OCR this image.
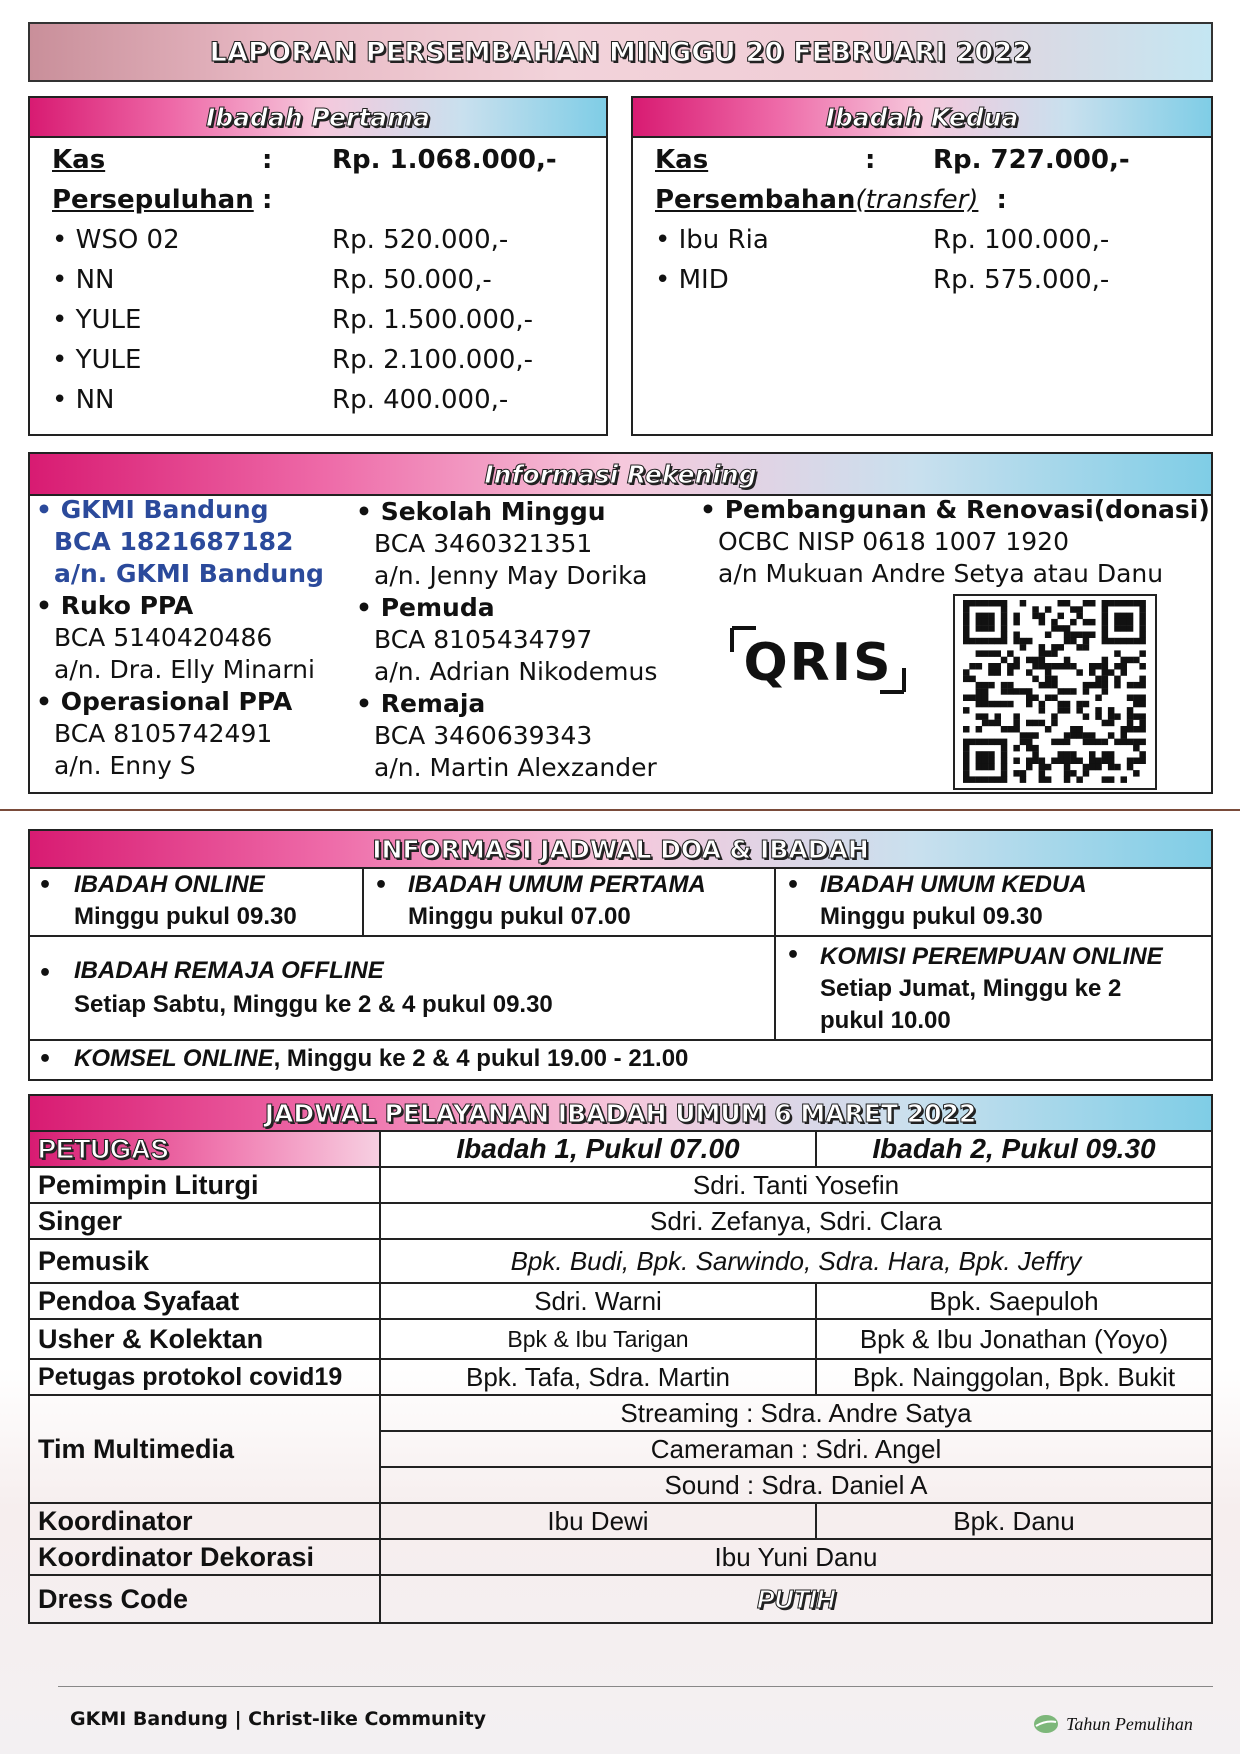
LAPORAN PERSEMBAHAN MINGGU 20 FEBRUARI 2022
Ibadah Pertama
Kas	: Rp. 1.068.000,-
Persepuluhan :
• WSO 02	Rp. 520.000,-
• NN	Rp. 50.000,-
• YULE	Rp. 1.500.000,-
• YULE	Rp. 2.100.000,-
• NN	Rp. 400.000,-
Ibadah Kedua
Kas	: Rp. 727.000,-
Persembahan(transfer)  :
• Ibu Ria	Rp. 100.000,-
• MID	Rp. 575.000,-
Informasi Rekening
• GKMI Bandung
BCA 1821687182
a/n. GKMI Bandung
• Ruko PPA
BCA 5140420486
a/n. Dra. Elly Minarni
• Operasional PPA
BCA 8105742491
a/n. Enny S
• Sekolah Minggu
BCA 3460321351
a/n. Jenny May Dorika
• Pemuda
BCA 8105434797
a/n. Adrian Nikodemus
• Remaja
BCA 3460639343
a/n. Martin Alexzander
• Pembangunan & Renovasi(donasi)
OCBC NISP 0618 1007 1920
a/n Mukuan Andre Setya atau Danu
QRIS
INFORMASI JADWAL DOA & IBADAH
• IBADAH ONLINE
Minggu pukul 09.30
• IBADAH UMUM PERTAMA
Minggu pukul 07.00
• IBADAH UMUM KEDUA
Minggu pukul 09.30
• IBADAH REMAJA OFFLINE
Setiap Sabtu, Minggu ke 2 & 4 pukul 09.30
• KOMISI PEREMPUAN ONLINE
Setiap Jumat, Minggu ke 2
pukul 10.00
• KOMSEL ONLINE, Minggu ke 2 & 4 pukul 19.00 - 21.00
JADWAL PELAYANAN IBADAH UMUM 6 MARET 2022
PETUGAS	Ibadah 1, Pukul 07.00	Ibadah 2, Pukul 09.30
Pemimpin Liturgi	Sdri. Tanti Yosefin	
Singer	Sdri. Zefanya, Sdri. Clara	
Pemusik	Bpk. Budi, Bpk. Sarwindo, Sdra. Hara, Bpk. Jeffry	
Pendoa Syafaat	Sdri. Warni	Bpk. Saepuloh
Usher & Kolektan	Bpk & Ibu Tarigan	Bpk & Ibu Jonathan (Yoyo)
Petugas protokol covid19	Bpk. Tafa, Sdra. Martin	Bpk. Nainggolan, Bpk. Bukit
Tim Multimedia	Streaming : Sdra. Andre Satya	
	Cameraman : Sdri. Angel	
	Sound : Sdra. Daniel A	
Koordinator	Ibu Dewi	Bpk. Danu
Koordinator Dekorasi	Ibu Yuni Danu	
Dress Code	PUTIH	
GKMI Bandung | Christ-like Community	Tahun Pemulihan
